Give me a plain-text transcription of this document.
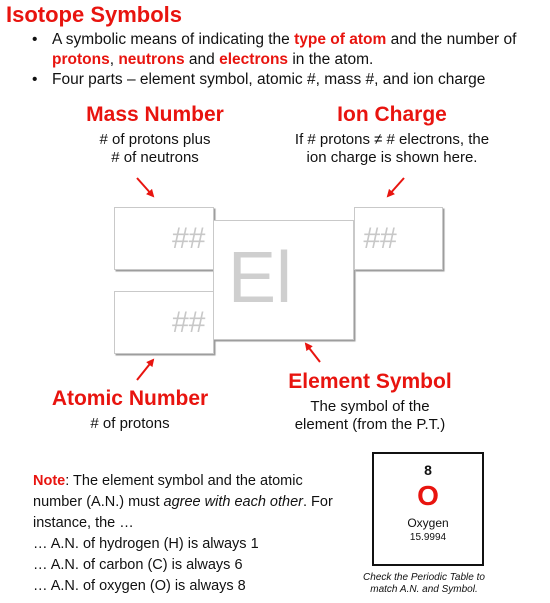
Isotope Symbols
• A symbolic means of indicating the type of atom and the number of protons, neutrons and electrons in the atom.
• Four parts – element symbol, atomic #, mass #, and ion charge
Mass Number
# of protons plus
# of neutrons
Ion Charge
If # protons ≠ # electrons, the
ion charge is shown here.
##
##
El ##
Atomic Number
# of protons
Element Symbol
The symbol of the
element (from the P.T.)

Note: The element symbol and the atomic number (A.N.) must agree with each other. For instance, the …

… A.N. of hydrogen (H) is always 1

… A.N. of carbon (C) is always 6

… A.N. of oxygen (O) is always 8

8
O
Oxygen
15.9994
Check the Periodic Table to
match A.N. and Symbol.
